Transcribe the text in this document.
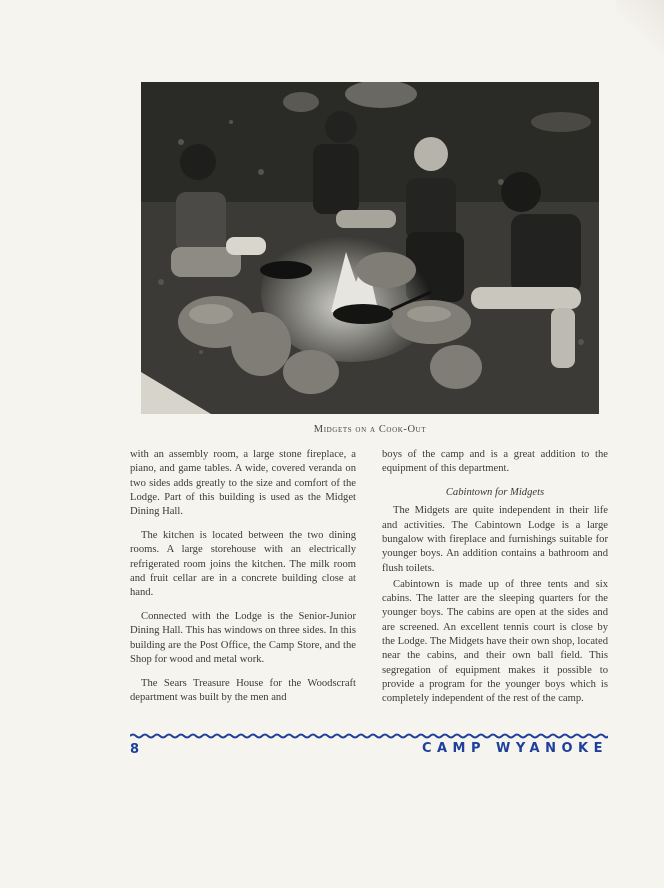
Midgets on a Cook-Out

with an assembly room, a large stone fireplace, a piano, and game tables. A wide, covered veranda on two sides adds greatly to the size and comfort of the Lodge. Part of this building is used as the Midget Dining Hall.

The kitchen is located between the two dining rooms. A large storehouse with an electrically refrigerated room joins the kitchen. The milk room and fruit cellar are in a concrete building close at hand.

Connected with the Lodge is the Senior-Junior Dining Hall. This has windows on three sides. In this building are the Post Office, the Camp Store, and the Shop for wood and metal work.

The Sears Treasure House for the Woodscraft department was built by the men and

boys of the camp and is a great addition to the equipment of this department.

Cabintown for Midgets

The Midgets are quite independent in their life and activities. The Cabintown Lodge is a large bungalow with fireplace and furnishings suitable for younger boys. An addition contains a bathroom and flush toilets.

Cabintown is made up of three tents and six cabins. The latter are the sleeping quarters for the younger boys. The cabins are open at the sides and are screened. An excellent tennis court is close by the Lodge. The Midgets have their own shop, located near the cabins, and their own ball field. This segregation of equipment makes it possible to provide a program for the younger boys which is completely independent of the rest of the camp.

8	CAMP WYANOKE
